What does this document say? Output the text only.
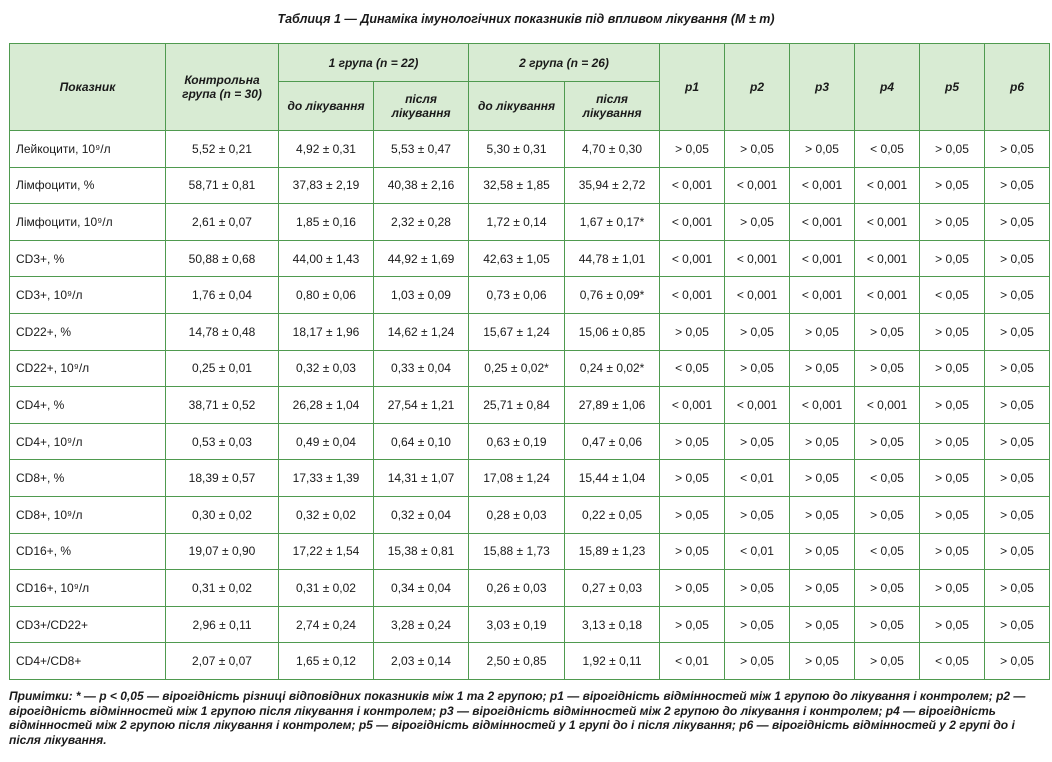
Таблиця 1 — Динаміка імунологічних показників під впливом лікування (M ± m)
Показник	Контрольна група (n = 30)	1 група (n = 22)		2 група (n = 26)		p1	p2	p3	p4	p5	p6
		до лікування	після лікування	до лікування	після лікування						
Лейкоцити, 10⁹/л	5,52 ± 0,21	4,92 ± 0,31	5,53 ± 0,47	5,30 ± 0,31	4,70 ± 0,30	> 0,05	> 0,05	> 0,05	< 0,05	> 0,05	> 0,05
Лімфоцити, %	58,71 ± 0,81	37,83 ± 2,19	40,38 ± 2,16	32,58 ± 1,85	35,94 ± 2,72	< 0,001	< 0,001	< 0,001	< 0,001	> 0,05	> 0,05
Лімфоцити, 10⁹/л	2,61 ± 0,07	1,85 ± 0,16	2,32 ± 0,28	1,72 ± 0,14	1,67 ± 0,17*	< 0,001	> 0,05	< 0,001	< 0,001	> 0,05	> 0,05
CD3+, %	50,88 ± 0,68	44,00 ± 1,43	44,92 ± 1,69	42,63 ± 1,05	44,78 ± 1,01	< 0,001	< 0,001	< 0,001	< 0,001	> 0,05	> 0,05
CD3+, 10⁹/л	1,76 ± 0,04	0,80 ± 0,06	1,03 ± 0,09	0,73 ± 0,06	0,76 ± 0,09*	< 0,001	< 0,001	< 0,001	< 0,001	< 0,05	> 0,05
CD22+, %	14,78 ± 0,48	18,17 ± 1,96	14,62 ± 1,24	15,67 ± 1,24	15,06 ± 0,85	> 0,05	> 0,05	> 0,05	> 0,05	> 0,05	> 0,05
CD22+, 10⁹/л	0,25 ± 0,01	0,32 ± 0,03	0,33 ± 0,04	0,25 ± 0,02*	0,24 ± 0,02*	< 0,05	> 0,05	> 0,05	> 0,05	> 0,05	> 0,05
CD4+, %	38,71 ± 0,52	26,28 ± 1,04	27,54 ± 1,21	25,71 ± 0,84	27,89 ± 1,06	< 0,001	< 0,001	< 0,001	< 0,001	> 0,05	> 0,05
CD4+, 10⁹/л	0,53 ± 0,03	0,49 ± 0,04	0,64 ± 0,10	0,63 ± 0,19	0,47 ± 0,06	> 0,05	> 0,05	> 0,05	> 0,05	> 0,05	> 0,05
CD8+, %	18,39 ± 0,57	17,33 ± 1,39	14,31 ± 1,07	17,08 ± 1,24	15,44 ± 1,04	> 0,05	< 0,01	> 0,05	< 0,05	> 0,05	> 0,05
CD8+, 10⁹/л	0,30 ± 0,02	0,32 ± 0,02	0,32 ± 0,04	0,28 ± 0,03	0,22 ± 0,05	> 0,05	> 0,05	> 0,05	> 0,05	> 0,05	> 0,05
CD16+, %	19,07 ± 0,90	17,22 ± 1,54	15,38 ± 0,81	15,88 ± 1,73	15,89 ± 1,23	> 0,05	< 0,01	> 0,05	< 0,05	> 0,05	> 0,05
CD16+, 10⁹/л	0,31 ± 0,02	0,31 ± 0,02	0,34 ± 0,04	0,26 ± 0,03	0,27 ± 0,03	> 0,05	> 0,05	> 0,05	> 0,05	> 0,05	> 0,05
CD3+/CD22+	2,96 ± 0,11	2,74 ± 0,24	3,28 ± 0,24	3,03 ± 0,19	3,13 ± 0,18	> 0,05	> 0,05	> 0,05	> 0,05	> 0,05	> 0,05
CD4+/CD8+	2,07 ± 0,07	1,65 ± 0,12	2,03 ± 0,14	2,50 ± 0,85	1,92 ± 0,11	< 0,01	> 0,05	> 0,05	> 0,05	< 0,05	> 0,05
Примітки: * — р < 0,05 — вірогідність різниці відповідних показників між 1 та 2 групою; р1 — вірогідність відмінностей між 1 групою до лікування і контролем; р2 — вірогідність відмінностей між 1 групою після лікування і контролем; р3 — вірогідність відмінностей між 2 групою до лікування і контролем; р4 — вірогідність відмінностей між 2 групою після лікування і контролем; р5 — вірогідність відмінностей у 1 групі до і після лікування; р6 — вірогідність відмінностей у 2 групі до і після лікування.
